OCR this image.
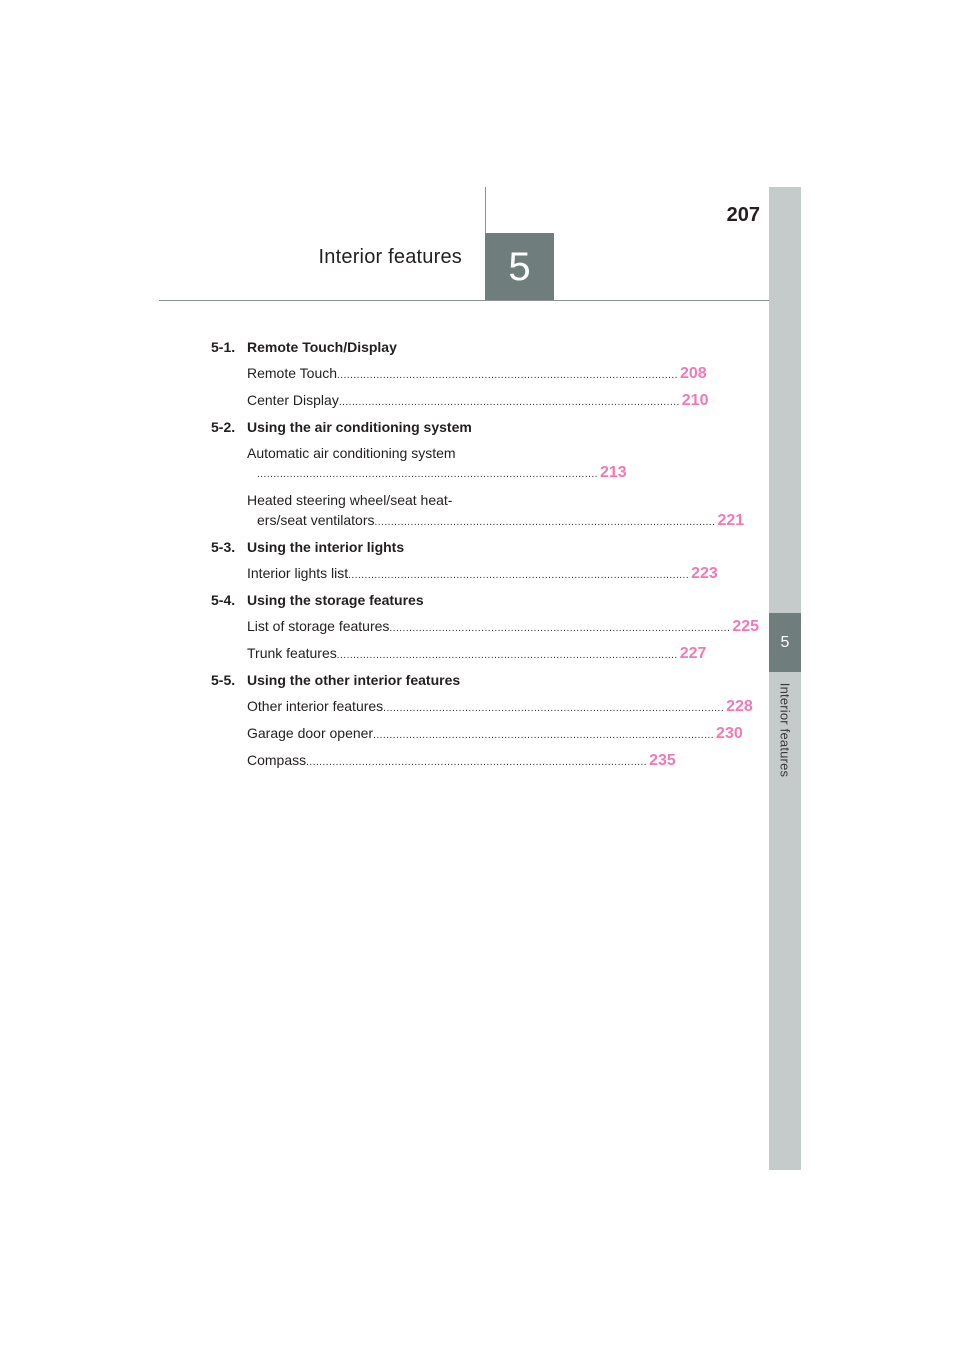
5
Interior features
5
Interior features
207
5-1. Remote Touch/Display
Remote Touch ........................................................................................................ 208
Center Display ........................................................................................................ 210
5-2. Using the air conditioning system
Automatic air conditioning system
........................................................................................................ 213
Heated steering wheel/seat heat-
ers/seat ventilators ........................................................................................................ 221
5-3. Using the interior lights
Interior lights list ........................................................................................................ 223
5-4. Using the storage features
List of storage features ........................................................................................................ 225
Trunk features ........................................................................................................ 227
5-5. Using the other interior features
Other interior features ........................................................................................................ 228
Garage door opener ........................................................................................................ 230
Compass ........................................................................................................ 235
